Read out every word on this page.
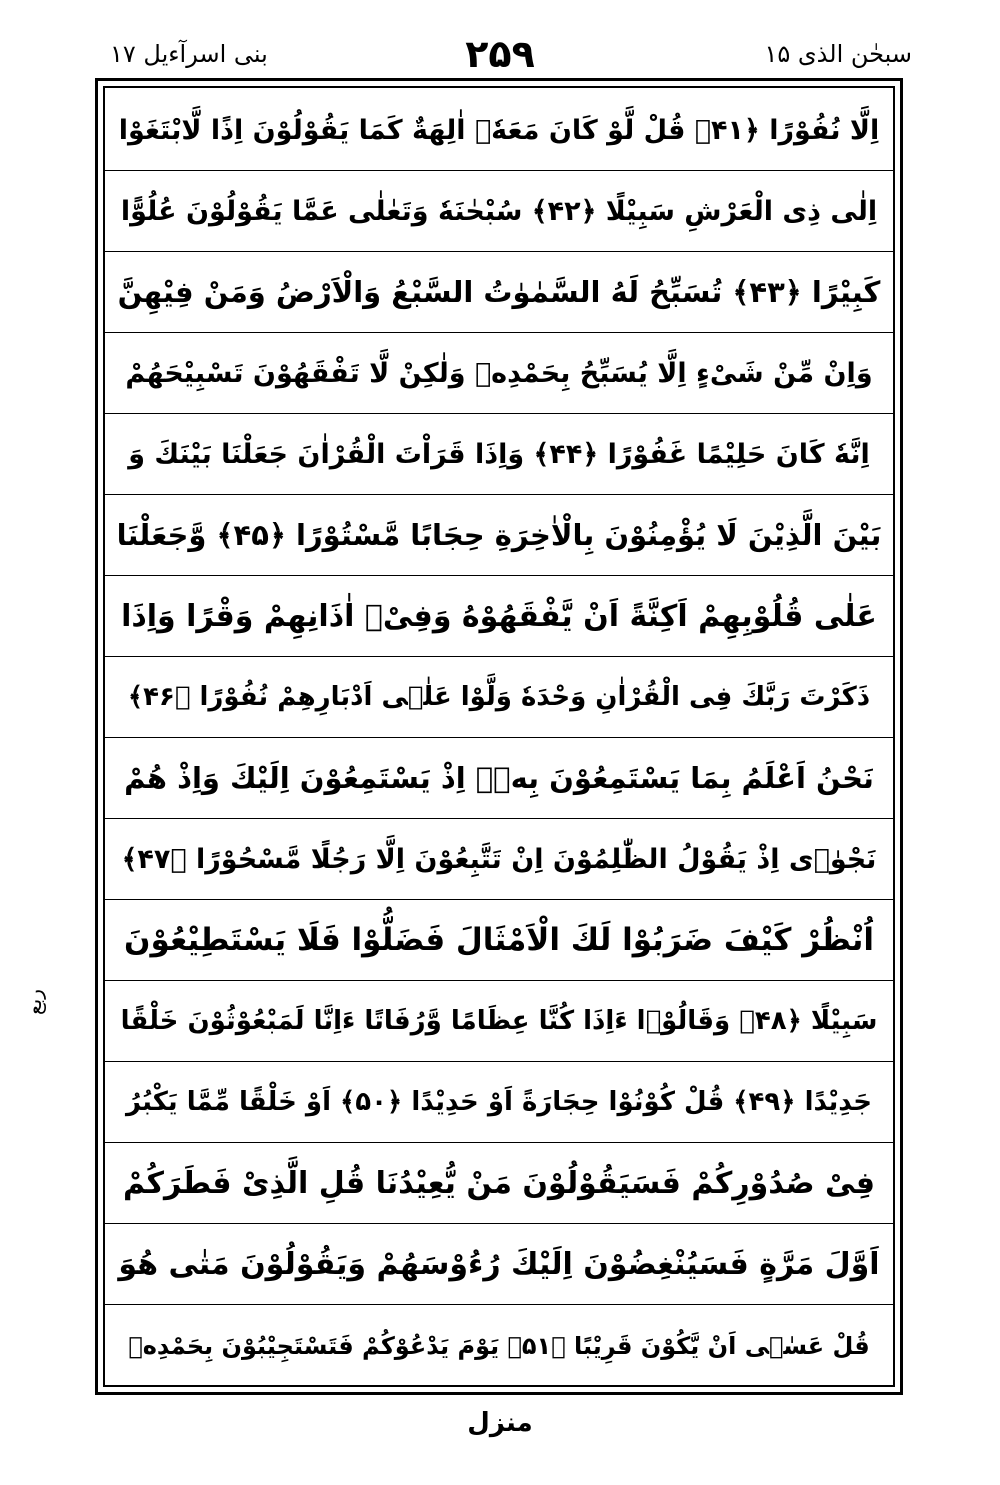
سبحٰن الذی ۱۵
۲۵۹
بنی اسرآءیل ۱۷
اِلَّا نُفُوْرًا ﴿۴۱﴾ قُلْ لَّوْ كَانَ مَعَهٗۤ اٰلِهَةٌ كَمَا يَقُوْلُوْنَ اِذًا لَّابْتَغَوْا
اِلٰى ذِى الْعَرْشِ سَبِيْلًا ﴿۴۲﴾ سُبْحٰنَهٗ وَتَعٰلٰى عَمَّا يَقُوْلُوْنَ عُلُوًّا
كَبِيْرًا ﴿۴۳﴾ تُسَبِّحُ لَهُ السَّمٰوٰتُ السَّبْعُ وَالْاَرْضُ وَمَنْ فِيْهِنَّ
وَاِنْ مِّنْ شَىْءٍ اِلَّا يُسَبِّحُ بِحَمْدِهٖ وَلٰكِنْ لَّا تَفْقَهُوْنَ تَسْبِيْحَهُمْ
اِنَّهٗ كَانَ حَلِيْمًا غَفُوْرًا ﴿۴۴﴾ وَاِذَا قَرَاْتَ الْقُرْاٰنَ جَعَلْنَا بَيْنَكَ وَ
بَيْنَ الَّذِيْنَ لَا يُؤْمِنُوْنَ بِالْاٰخِرَةِ حِجَابًا مَّسْتُوْرًا ﴿۴۵﴾ وَّجَعَلْنَا
عَلٰى قُلُوْبِهِمْ اَكِنَّةً اَنْ يَّفْقَهُوْهُ وَفِىْۤ اٰذَانِهِمْ وَقْرًا وَاِذَا
ذَكَرْتَ رَبَّكَ فِى الْقُرْاٰنِ وَحْدَهٗ وَلَّوْا عَلٰۤى اَدْبَارِهِمْ نُفُوْرًا ﴿۴۶﴾
نَحْنُ اَعْلَمُ بِمَا يَسْتَمِعُوْنَ بِهٖۤ اِذْ يَسْتَمِعُوْنَ اِلَيْكَ وَاِذْ هُمْ
نَجْوٰۤى اِذْ يَقُوْلُ الظّٰلِمُوْنَ اِنْ تَتَّبِعُوْنَ اِلَّا رَجُلًا مَّسْحُوْرًا ﴿۴۷﴾
اُنْظُرْ كَيْفَ ضَرَبُوْا لَكَ الْاَمْثَالَ فَضَلُّوْا فَلَا يَسْتَطِيْعُوْنَ
سَبِيْلًا ﴿۴۸﴾ وَقَالُوْۤا ءَاِذَا كُنَّا عِظَامًا وَّرُفَاتًا ءَاِنَّا لَمَبْعُوْثُوْنَ خَلْقًا
جَدِيْدًا ﴿۴۹﴾ قُلْ كُوْنُوْا حِجَارَةً اَوْ حَدِيْدًا ﴿۵۰﴾ اَوْ خَلْقًا مِّمَّا يَكْبُرُ
فِىْ صُدُوْرِكُمْ فَسَيَقُوْلُوْنَ مَنْ يُّعِيْدُنَا قُلِ الَّذِىْ فَطَرَكُمْ
اَوَّلَ مَرَّةٍ فَسَيُنْغِضُوْنَ اِلَيْكَ رُءُوْسَهُمْ وَيَقُوْلُوْنَ مَتٰى هُوَ
قُلْ عَسٰۤى اَنْ يَّكُوْنَ قَرِيْبًا ﴿۵۱﴾ يَوْمَ يَدْعُوْكُمْ فَتَسْتَجِيْبُوْنَ بِحَمْدِهٖ
ربع
منزل
